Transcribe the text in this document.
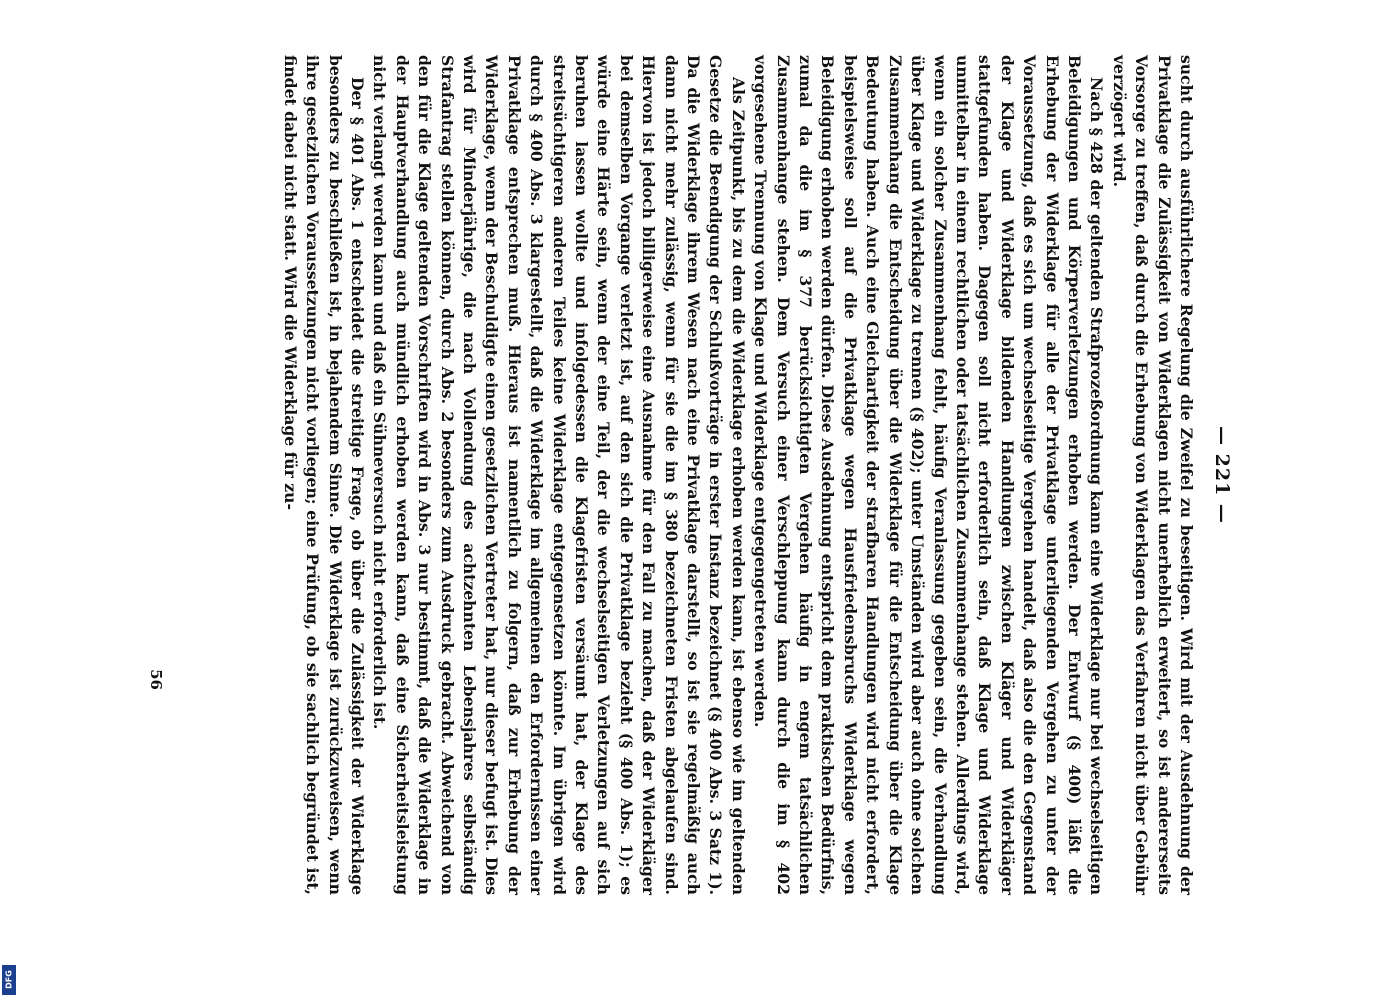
— 221 —

sucht durch ausführlichere Regelung die Zweifel zu beseitigen. Wird mit der Ausdehnung der Privatklage die Zulässigkeit von Widerklagen nicht unerheblich erweitert, so ist andererseits Vorsorge zu treffen, daß durch die Erhebung von Widerklagen das Verfahren nicht über Gebühr verzögert wird.

Nach § 428 der geltenden Strafprozeßordnung kann eine Widerklage nur bei wechselseitigen Beleidigungen und Körperverletzungen erhoben werden. Der Entwurf (§ 400) läßt die Erhebung der Widerklage für alle der Privatklage unterliegenden Vergehen zu unter der Voraussetzung, daß es sich um wechselseitige Vergehen handelt, daß also die den Gegenstand der Klage und Widerklage bildenden Handlungen zwischen Kläger und Widerkläger stattgefunden haben. Dagegen soll nicht erforderlich sein, daß Klage und Widerklage unmittelbar in einem rechtlichen oder tatsächlichen Zusammenhange stehen. Allerdings wird, wenn ein solcher Zusammenhang fehlt, häufig Veranlassung gegeben sein, die Verhandlung über Klage und Widerklage zu trennen (§ 402); unter Umständen wird aber auch ohne solchen Zusammenhang die Entscheidung über die Widerklage für die Entscheidung über die Klage Bedeutung haben. Auch eine Gleichartigkeit der strafbaren Handlungen wird nicht erfordert, beispielsweise soll auf die Privatklage wegen Hausfriedensbruchs Widerklage wegen Beleidigung erhoben werden dürfen. Diese Ausdehnung entspricht dem praktischen Bedürfnis, zumal da die im § 377 berücksichtigten Vergehen häufig in engem tatsächlichen Zusammenhange stehen. Dem Versuch einer Verschleppung kann durch die im § 402 vorgesehene Trennung von Klage und Widerklage entgegengetreten werden.

Als Zeitpunkt, bis zu dem die Widerklage erhoben werden kann, ist ebenso wie im geltenden Gesetze die Beendigung der Schlußvorträge in erster Instanz bezeichnet (§ 400 Abs. 3 Satz 1). Da die Widerklage ihrem Wesen nach eine Privatklage darstellt, so ist sie regelmäßig auch dann nicht mehr zulässig, wenn für sie die im § 380 bezeichneten Fristen abgelaufen sind. Hiervon ist jedoch billigerweise eine Ausnahme für den Fall zu machen, daß der Widerkläger bei demselben Vorgange verletzt ist, auf den sich die Privatklage bezieht (§ 400 Abs. 1); es würde eine Härte sein, wenn der eine Teil, der die wechselseitigen Verletzungen auf sich beruhen lassen wollte und infolgedessen die Klagefristen versäumt hat, der Klage des streitsüchtigeren anderen Teiles keine Widerklage entgegensetzen könnte. Im übrigen wird durch § 400 Abs. 3 klargestellt, daß die Widerklage im allgemeinen den Erfordernissen einer Privatklage entsprechen muß. Hieraus ist namentlich zu folgern, daß zur Erhebung der Widerklage, wenn der Beschuldigte einen gesetzlichen Vertreter hat, nur dieser befugt ist. Dies wird für Minderjährige, die nach Vollendung des achtzehnten Lebensjahres selbständig Strafantrag stellen können, durch Abs. 2 besonders zum Ausdruck gebracht. Abweichend von den für die Klage geltenden Vorschriften wird in Abs. 3 nur bestimmt, daß die Widerklage in der Hauptverhandlung auch mündlich erhoben werden kann, daß eine Sicherheitsleistung nicht verlangt werden kann und daß ein Sühneversuch nicht erforderlich ist.

Der § 401 Abs. 1 entscheidet die streitige Frage, ob über die Zulässigkeit der Widerklage besonders zu beschließen ist, in bejahendem Sinne. Die Widerklage ist zurückzuweisen, wenn ihre gesetzlichen Voraussetzungen nicht vorliegen; eine Prüfung, ob sie sachlich begründet ist, findet dabei nicht statt. Wird die Widerklage für zu-

56
DFG
